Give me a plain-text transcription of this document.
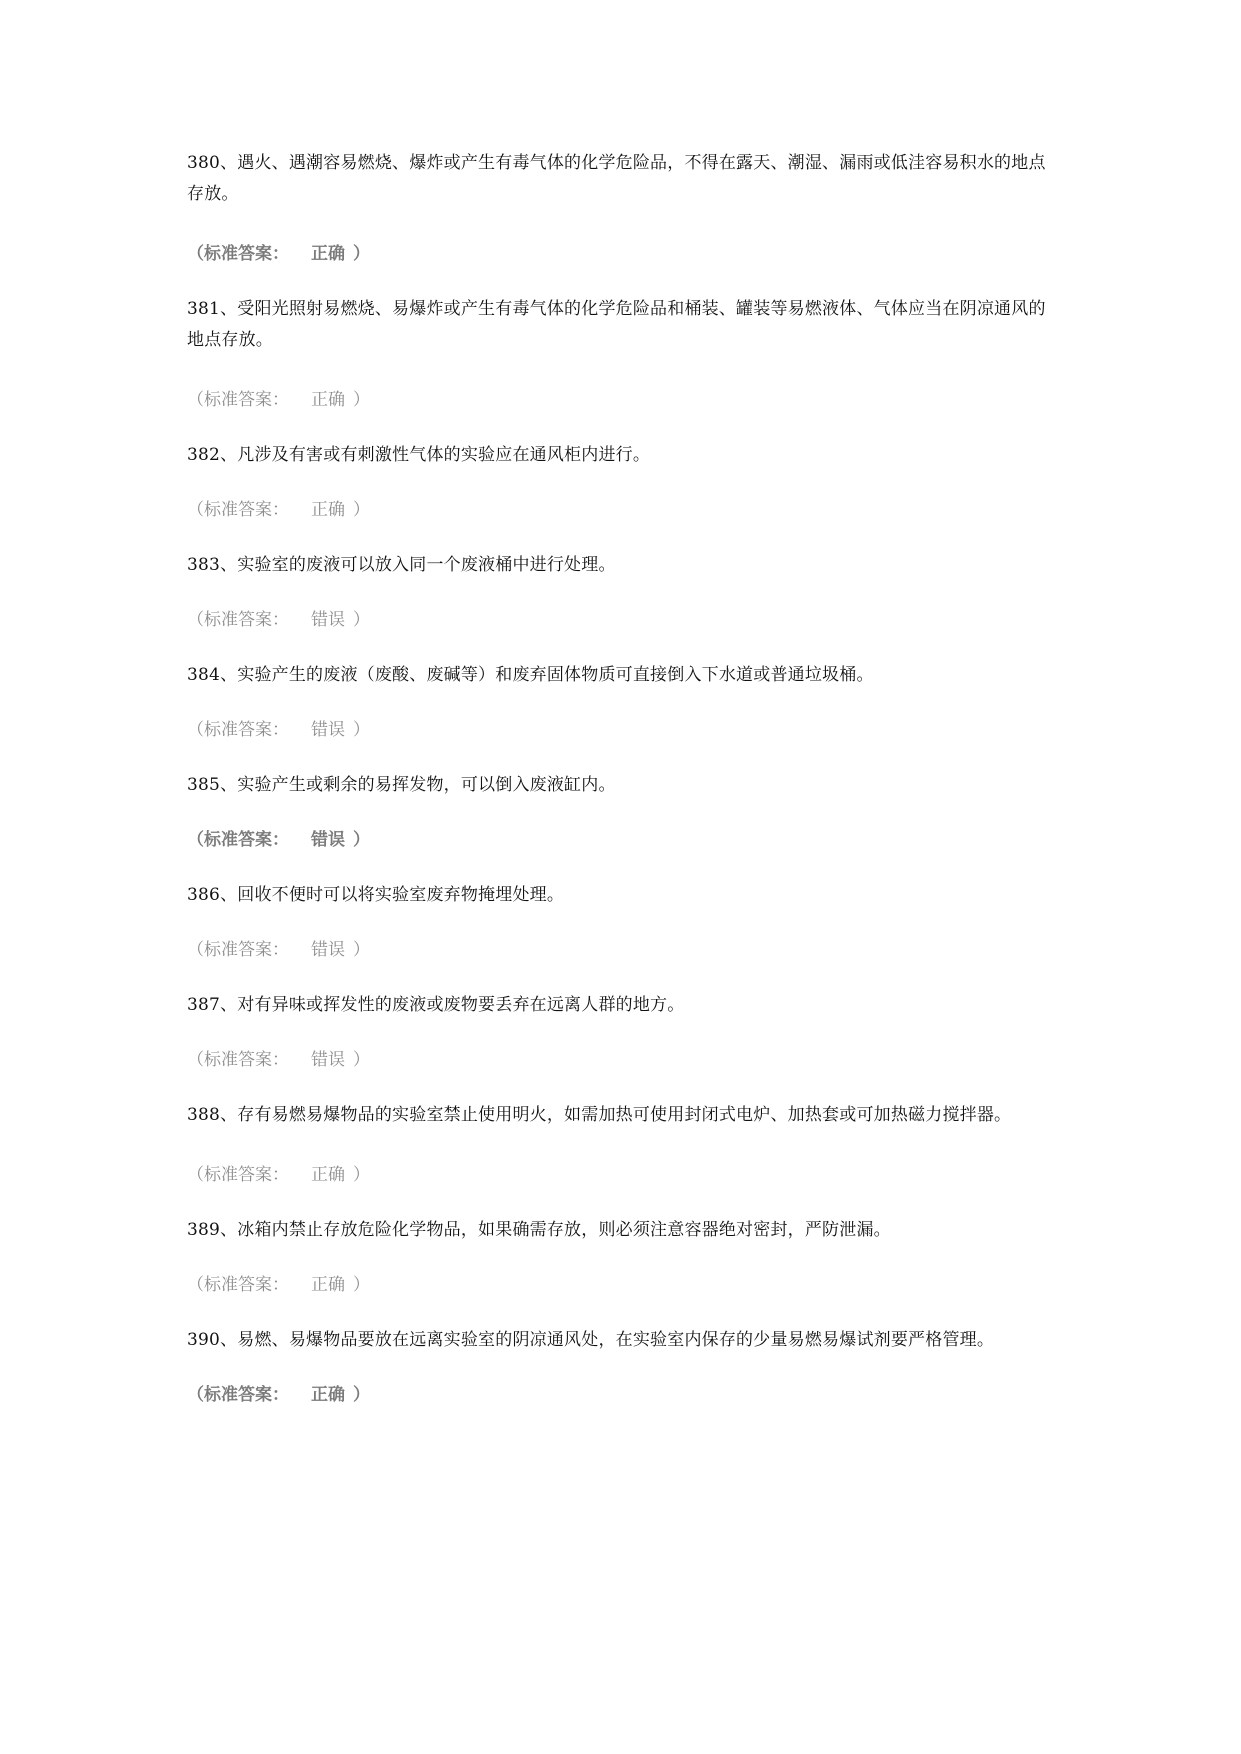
380、遇火、遇潮容易燃烧、爆炸或产生有毒气体的化学危险品，不得在露天、潮湿、漏雨或低洼容易积水的地点存放。

（标准答案： 正确 ）

381、受阳光照射易燃烧、易爆炸或产生有毒气体的化学危险品和桶装、罐装等易燃液体、气体应当在阴凉通风的地点存放。

（标准答案： 正确 ）

382、凡涉及有害或有刺激性气体的实验应在通风柜内进行。

（标准答案： 正确 ）

383、实验室的废液可以放入同一个废液桶中进行处理。

（标准答案： 错误 ）

384、实验产生的废液（废酸、废碱等）和废弃固体物质可直接倒入下水道或普通垃圾桶。

（标准答案： 错误 ）

385、实验产生或剩余的易挥发物，可以倒入废液缸内。

（标准答案： 错误 ）

386、回收不便时可以将实验室废弃物掩埋处理。

（标准答案： 错误 ）

387、对有异味或挥发性的废液或废物要丢弃在远离人群的地方。

（标准答案： 错误 ）

388、存有易燃易爆物品的实验室禁止使用明火，如需加热可使用封闭式电炉、加热套或可加热磁力搅拌器。

（标准答案： 正确 ）

389、冰箱内禁止存放危险化学物品，如果确需存放，则必须注意容器绝对密封，严防泄漏。

（标准答案： 正确 ）

390、易燃、易爆物品要放在远离实验室的阴凉通风处，在实验室内保存的少量易燃易爆试剂要严格管理。

（标准答案： 正确 ）
